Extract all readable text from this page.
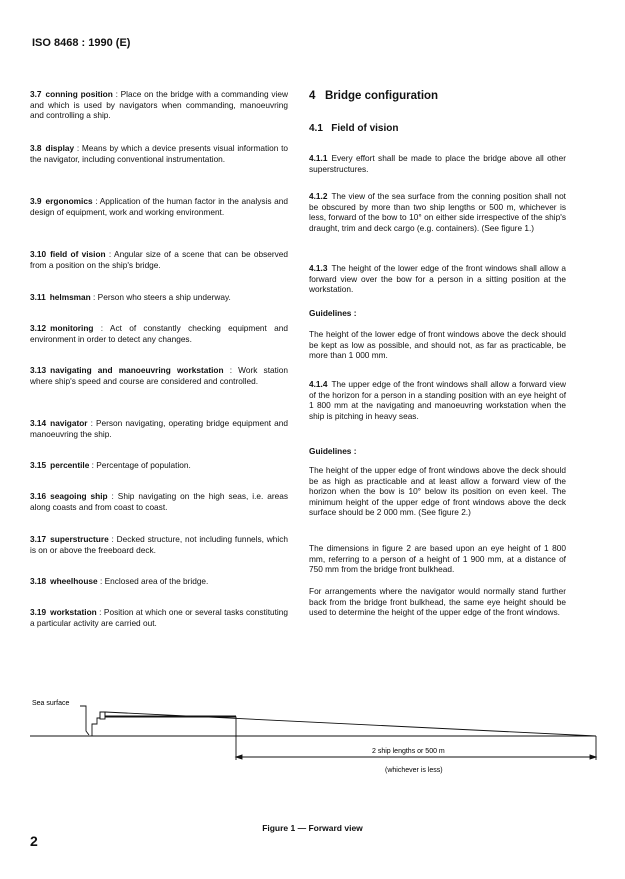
ISO 8468 : 1990 (E)

3.7 conning position : Place on the bridge with a commanding view and which is used by navigators when commanding, manoeuvring and controlling a ship.

3.8 display : Means by which a device presents visual information to the navigator, including conventional instrumentation.

3.9 ergonomics : Application of the human factor in the analysis and design of equipment, work and working environment.

3.10 field of vision : Angular size of a scene that can be observed from a position on the ship's bridge.

3.11 helmsman : Person who steers a ship underway.

3.12 monitoring : Act of constantly checking equipment and environment in order to detect any changes.

3.13 navigating and manoeuvring workstation : Work station where ship's speed and course are considered and controlled.

3.14 navigator : Person navigating, operating bridge equipment and manoeuvring the ship.

3.15 percentile : Percentage of population.

3.16 seagoing ship : Ship navigating on the high seas, i.e. areas along coasts and from coast to coast.

3.17 superstructure : Decked structure, not including funnels, which is on or above the freeboard deck.

3.18 wheelhouse : Enclosed area of the bridge.

3.19 workstation : Position at which one or several tasks constituting a particular activity are carried out.

4   Bridge configuration
4.1   Field of vision

4.1.1 Every effort shall be made to place the bridge above all other superstructures.

4.1.2 The view of the sea surface from the conning position shall not be obscured by more than two ship lengths or 500 m, whichever is less, forward of the bow to 10° on either side irrespective of the ship's draught, trim and deck cargo (e.g. containers). (See figure 1.)

4.1.3 The height of the lower edge of the front windows shall allow a forward view over the bow for a person in a sitting position at the workstation.

Guidelines :

The height of the lower edge of front windows above the deck should be kept as low as possible, and should not, as far as practicable, be more than 1 000 mm.

4.1.4 The upper edge of the front windows shall allow a forward view of the horizon for a person in a standing position with an eye height of 1 800 mm at the navigating and manoeuvring workstation when the ship is pitching in heavy seas.

Guidelines :

The height of the upper edge of front windows above the deck should be as high as practicable and at least allow a forward view of the horizon when the bow is 10° below its position on even keel. The minimum height of the upper edge of front windows above the deck surface should be 2 000 mm. (See figure 2.)

The dimensions in figure 2 are based upon an eye height of 1 800 mm, referring to a person of a height of 1 900 mm, at a distance of 750 mm from the bridge front bulkhead.

For arrangements where the navigator would normally stand further back from the bridge front bulkhead, the same eye height should be used to determine the height of the upper edge of the front windows.

Sea surface
2 ship lengths or 500 m
(whichever is less)
Figure 1 — Forward view
2
